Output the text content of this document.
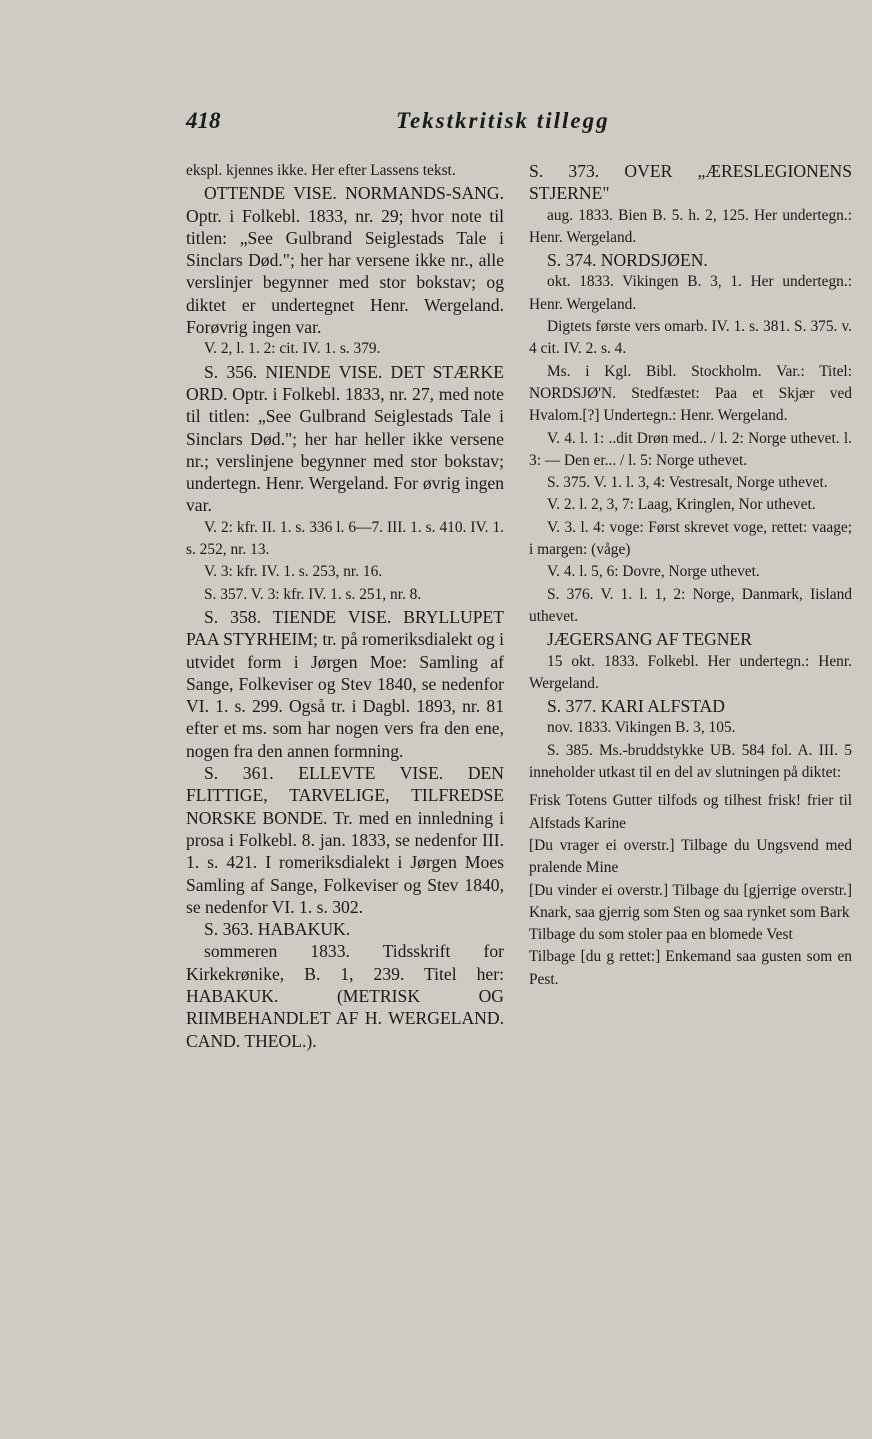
418	Tekstkritisk tillegg

ekspl. kjennes ikke. Her efter Lassens tekst.

OTTENDE VISE. NORMANDS-SANG. Optr. i Folkebl. 1833, nr. 29; hvor note til titlen: „See Gulbrand Seiglestads Tale i Sinclars Død."; her har versene ikke nr., alle verslinjer begynner med stor bokstav; og diktet er undertegnet Henr. Wergeland. Forøvrig ingen var.

V. 2, l. 1. 2: cit. IV. 1. s. 379.

S. 356. NIENDE VISE. DET STÆRKE ORD. Optr. i Folkebl. 1833, nr. 27, med note til titlen: „See Gulbrand Seiglestads Tale i Sinclars Død."; her har heller ikke versene nr.; verslinjene begynner med stor bokstav; undertegn. Henr. Wergeland. For øvrig ingen var.

V. 2: kfr. II. 1. s. 336 l. 6—7. III. 1. s. 410. IV. 1. s. 252, nr. 13.

V. 3: kfr. IV. 1. s. 253, nr. 16.

S. 357. V. 3: kfr. IV. 1. s. 251, nr. 8.

S. 358. TIENDE VISE. BRYLLUPET PAA STYRHEIM; tr. på romeriksdialekt og i utvidet form i Jørgen Moe: Samling af Sange, Folkeviser og Stev 1840, se nedenfor VI. 1. s. 299. Også tr. i Dagbl. 1893, nr. 81 efter et ms. som har nogen vers fra den ene, nogen fra den annen formning.

S. 361. ELLEVTE VISE. DEN FLITTIGE, TARVELIGE, TILFREDSE NORSKE BONDE. Tr. med en innledning i prosa i Folkebl. 8. jan. 1833, se nedenfor III. 1. s. 421. I romeriksdialekt i Jørgen Moes Samling af Sange, Folkeviser og Stev 1840, se nedenfor VI. 1. s. 302.

S. 363. HABAKUK.

sommeren 1833. Tidsskrift for Kirkekrønike, B. 1, 239. Titel her: HABAKUK. (METRISK OG RIIMBEHANDLET AF H. WERGELAND. CAND. THEOL.).

S. 373. OVER „ÆRESLEGIONENS STJERNE"

aug. 1833. Bien B. 5. h. 2, 125. Her undertegn.: Henr. Wergeland.

S. 374. NORDSJØEN.

okt. 1833. Vikingen B. 3, 1. Her undertegn.: Henr. Wergeland.

Digtets første vers omarb. IV. 1. s. 381. S. 375. v. 4 cit. IV. 2. s. 4.

Ms. i Kgl. Bibl. Stockholm. Var.: Titel: NORDSJØ'N. Stedfæstet: Paa et Skjær ved Hvalom.[?] Undertegn.: Henr. Wergeland.

V. 4. l. 1: ..dit Drøn med.. / l. 2: Norge uthevet. l. 3: — Den er... / l. 5: Norge uthevet.

S. 375. V. 1. l. 3, 4: Vestresalt, Norge uthevet.

V. 2. l. 2, 3, 7: Laag, Kringlen, Nor uthevet.

V. 3. l. 4: voge: Først skrevet voge, rettet: vaage; i margen: (våge)

V. 4. l. 5, 6: Dovre, Norge uthevet.

S. 376. V. 1. l. 1, 2: Norge, Danmark, Iisland uthevet.

JÆGERSANG AF TEGNER

15 okt. 1833. Folkebl. Her undertegn.: Henr. Wergeland.

S. 377. KARI ALFSTAD

nov. 1833. Vikingen B. 3, 105.

S. 385. Ms.-bruddstykke UB. 584 fol. A. III. 5 inneholder utkast til en del av slutningen på diktet:

Frisk Totens Gutter tilfods og tilhest frisk! frier til Alfstads Karine

[Du vrager ei overstr.] Tilbage du Ungsvend med pralende Mine

[Du vinder ei overstr.] Tilbage du [gjerrige overstr.] Knark, saa gjerrig som Sten og saa rynket som Bark

Tilbage du som stoler paa en blomede Vest

Tilbage [du g rettet:] Enkemand saa gusten som en Pest.
